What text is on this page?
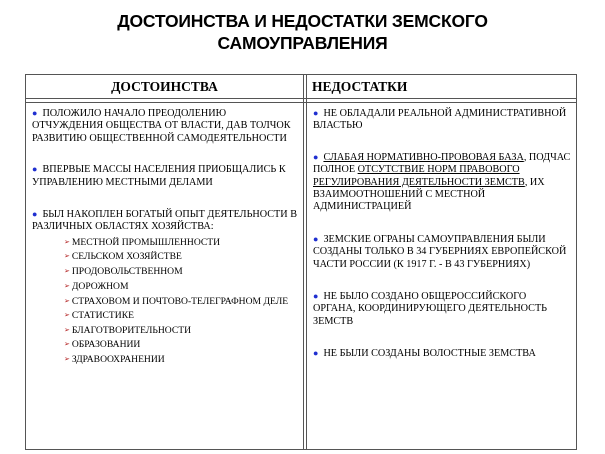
ДОСТОИНСТВА И НЕДОСТАТКИ ЗЕМСКОГО
САМОУПРАВЛЕНИЯ
ДОСТОИНСТВА	НЕДОСТАТКИ
● ПОЛОЖИЛО НАЧАЛО ПРЕОДОЛЕНИЮ ОТЧУЖДЕНИЯ ОБЩЕСТВА ОТ ВЛАСТИ, ДАВ ТОЛЧОК РАЗВИТИЮ ОБЩЕСТВЕННОЙ САМОДЕЯТЕЛЬНОСТИ
● ВПЕРВЫЕ МАССЫ НАСЕЛЕНИЯ ПРИОБЩАЛИСЬ К УПРАВЛЕНИЮ МЕСТНЫМИ ДЕЛАМИ
● БЫЛ НАКОПЛЕН БОГАТЫЙ ОПЫТ ДЕЯТЕЛЬНОСТИ В РАЗЛИЧНЫХ ОБЛАСТЯХ ХОЗЯЙСТВА:
➢ МЕСТНОЙ ПРОМЫШЛЕННОСТИ
➢ СЕЛЬСКОМ ХОЗЯЙСТВЕ
➢ ПРОДОВОЛЬСТВЕННОМ
➢ ДОРОЖНОМ
➢ СТРАХОВОМ И ПОЧТОВО-ТЕЛЕГРАФНОМ ДЕЛЕ
➢ СТАТИСТИКЕ
➢ БЛАГОТВОРИТЕЛЬНОСТИ
➢ ОБРАЗОВАНИИ
➢ ЗДРАВООХРАНЕНИИ
● НЕ ОБЛАДАЛИ РЕАЛЬНОЙ АДМИНИСТРАТИВНОЙ ВЛАСТЬЮ
● СЛАБАЯ НОРМАТИВНО-ПРОВОВАЯ БАЗА, ПОДЧАС ПОЛНОЕ ОТСУТСТВИЕ НОРМ ПРАВОВОГО РЕГУЛИРОВАНИЯ ДЕЯТЕЛЬНОСТИ ЗЕМСТВ, ИХ ВЗАИМООТНОШЕНИЙ С МЕСТНОЙ АДМИНИСТРАЦИЕЙ
● ЗЕМСКИЕ ОГРАНЫ САМОУПРАВЛЕНИЯ БЫЛИ СОЗДАНЫ ТОЛЬКО В 34 ГУБЕРНИЯХ ЕВРОПЕЙСКОЙ ЧАСТИ РОССИИ (К 1917 Г. - В 43 ГУБЕРНИЯХ)
● НЕ БЫЛО СОЗДАНО ОБЩЕРОССИЙСКОГО ОРГАНА, КООРДИНИРУЮЩЕГО ДЕЯТЕЛЬНОСТЬ ЗЕМСТВ
● НЕ БЫЛИ СОЗДАНЫ ВОЛОСТНЫЕ ЗЕМСТВА
